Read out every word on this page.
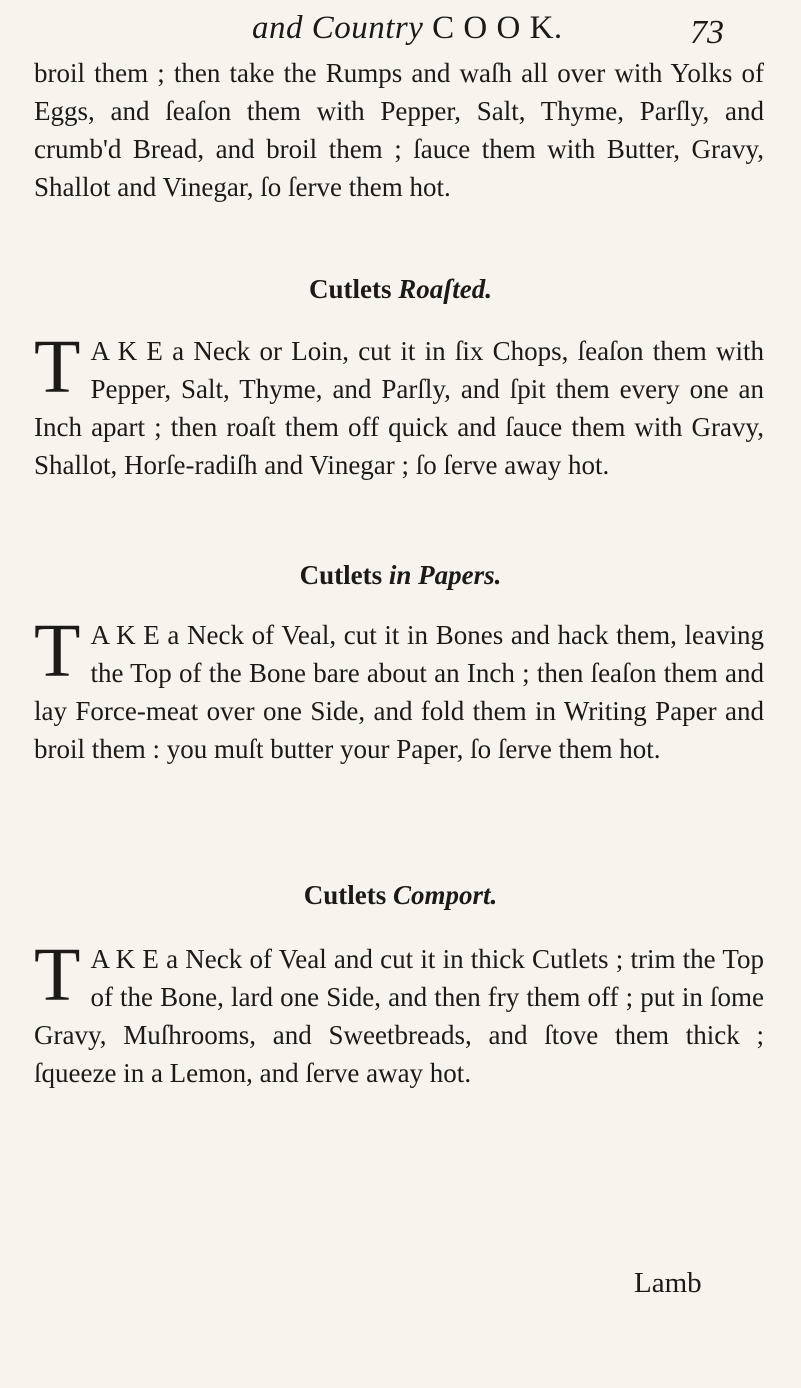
and Country C O O K.	73

broil them ; then take the Rumps and waſh all over with Yolks of Eggs, and ſeaſon them with Pepper, Salt, Thyme, Parſly, and crumb'd Bread, and broil them ; ſauce them with Butter, Gravy, Shallot and Vinegar, ſo ſerve them hot.

Cutlets Roaſted.
T A K E a Neck or Loin, cut it in ſix Chops, ſeaſon them with Pepper, Salt, Thyme, and Parſly, and ſpit them every one an Inch apart ; then roaſt them off quick and ſauce them with Gravy, Shallot, Horſe-radiſh and Vinegar ; ſo ſerve away hot.
Cutlets in Papers.
T A K E a Neck of Veal, cut it in Bones and hack them, leaving the Top of the Bone bare about an Inch ; then ſeaſon them and lay Force-meat over one Side, and fold them in Writing Paper and broil them : you muſt butter your Paper, ſo ſerve them hot.
Cutlets Comport.
T A K E a Neck of Veal and cut it in thick Cutlets ; trim the Top of the Bone, lard one Side, and then fry them off ; put in ſome Gravy, Muſhrooms, and Sweetbreads, and ſtove them thick ; ſqueeze in a Lemon, and ſerve away hot.
Lamb
